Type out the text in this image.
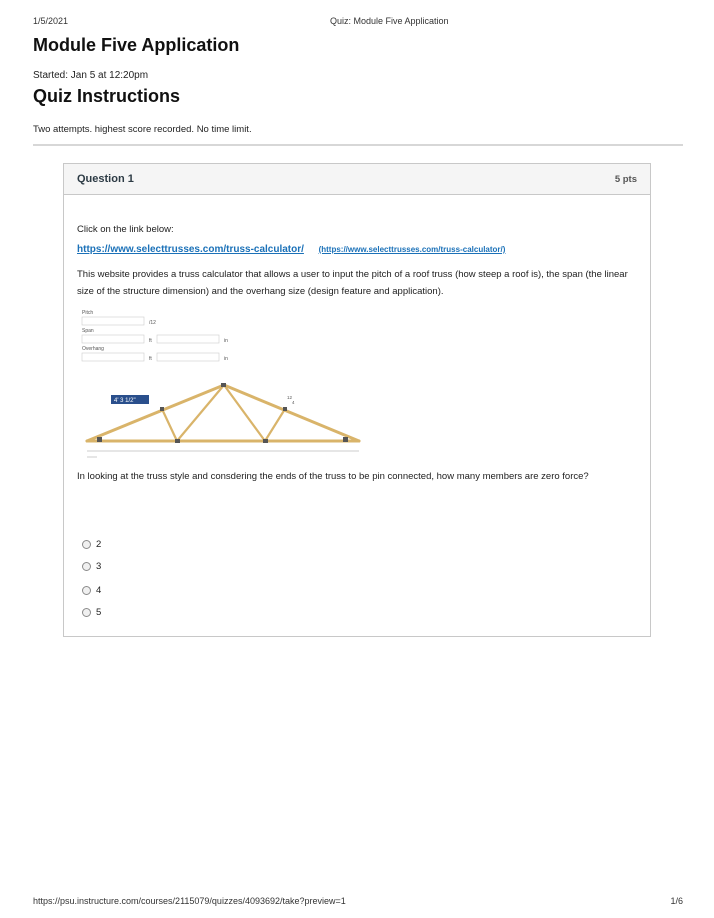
1/5/2021	Quiz: Module Five Application
Module Five Application
Started: Jan 5 at 12:20pm
Quiz Instructions
Two attempts. highest score recorded. No time limit.
Question 1	5 pts
Click on the link below:
https://www.selecttrusses.com/truss-calculator/ (https://www.selecttrusses.com/truss-calculator/)
This website provides a truss calculator that allows a user to input the pitch of a roof truss (how steep a roof is), the span (the linear size of the structure dimension) and the overhang size (design feature and application).
Pitch
/12
Span
ft	in
Overhang
ft	in
4' 3 1/2"
12
4
In looking at the truss style and consdering the ends of the truss to be pin connected, how many members are zero force?
2
3
4
5
https://psu.instructure.com/courses/2115079/quizzes/4093692/take?preview=1	1/6
